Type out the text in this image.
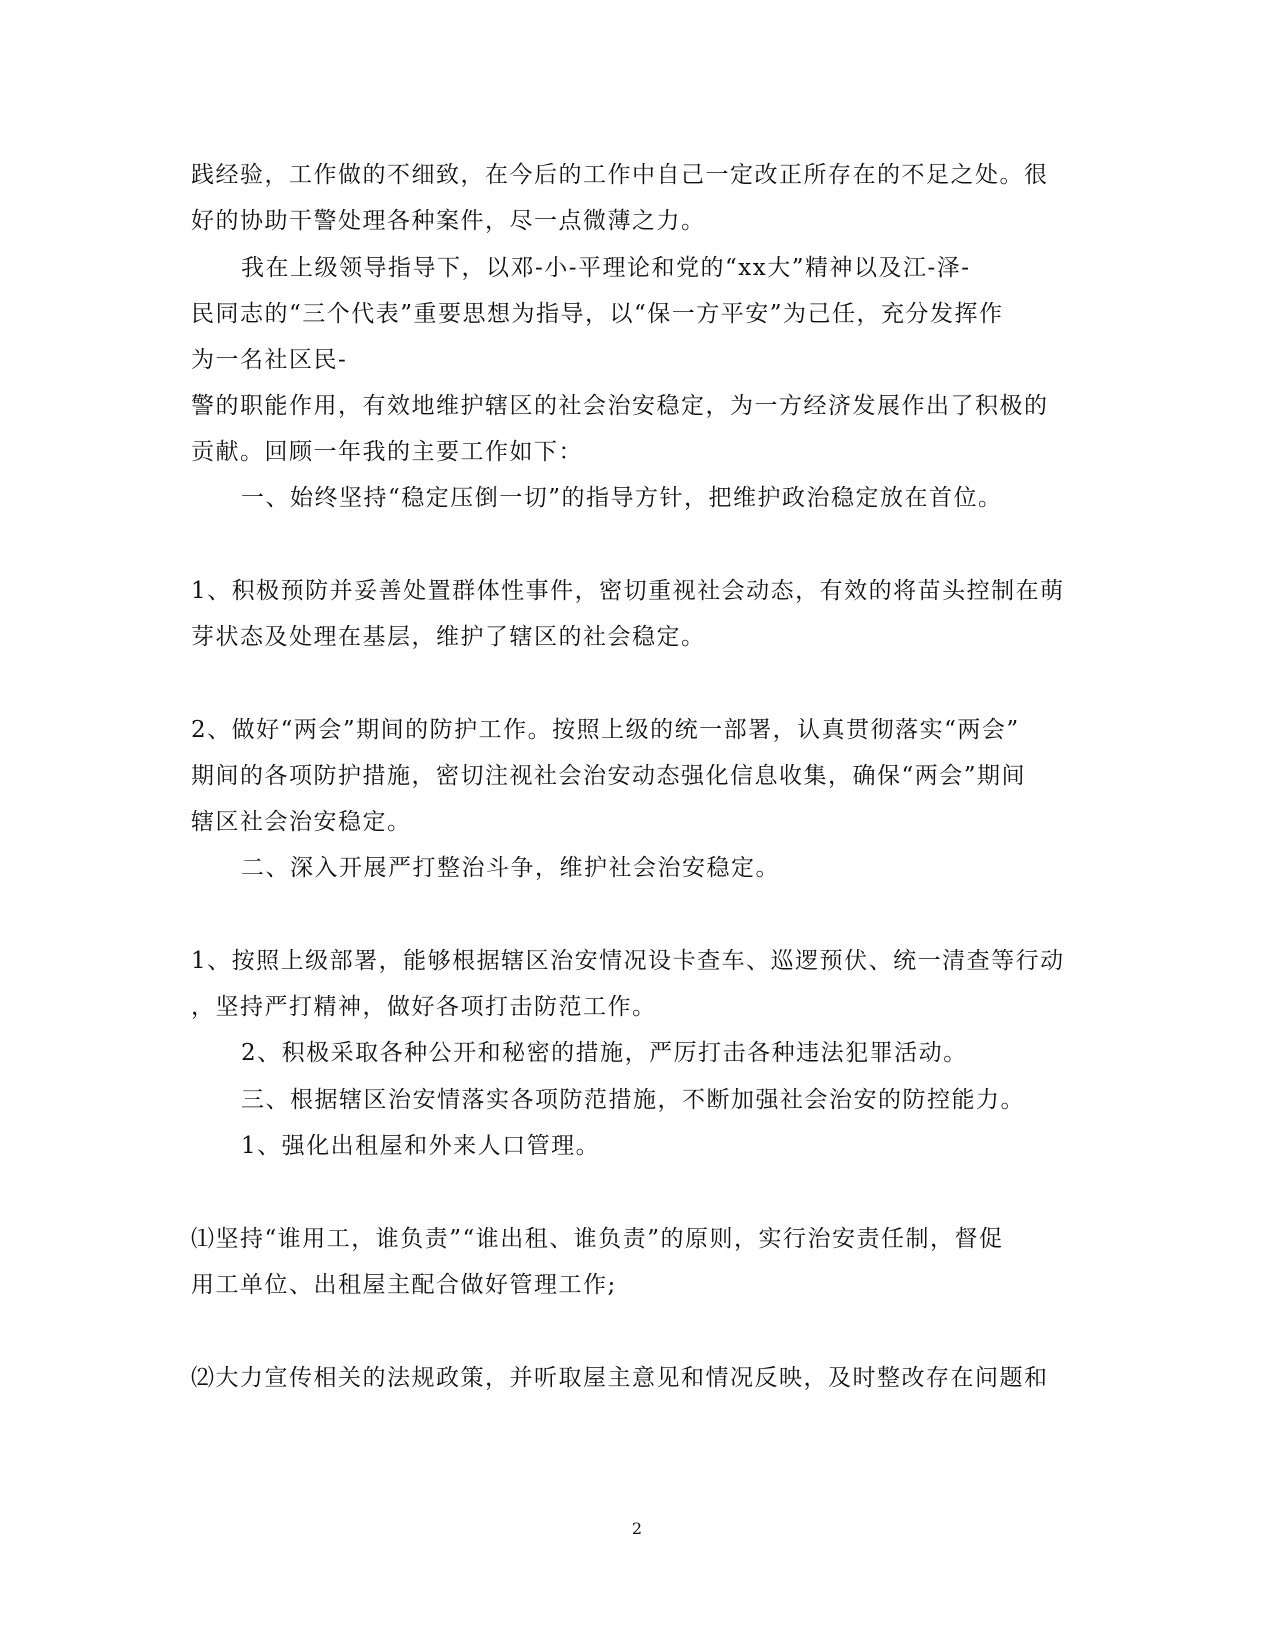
践经验，工作做的不细致，在今后的工作中自己一定改正所存在的不足之处。很

好的协助干警处理各种案件，尽一点微薄之力。

我在上级领导指导下，以邓-小-平理论和党的“xx大”精神以及江-泽-

民同志的“三个代表”重要思想为指导，以“保一方平安”为己任，充分发挥作

为一名社区民-

警的职能作用，有效地维护辖区的社会治安稳定，为一方经济发展作出了积极的

贡献。回顾一年我的主要工作如下：

一、始终坚持“稳定压倒一切”的指导方针，把维护政治稳定放在首位。

1、积极预防并妥善处置群体性事件，密切重视社会动态，有效的将苗头控制在萌

芽状态及处理在基层，维护了辖区的社会稳定。

2、做好“两会”期间的防护工作。按照上级的统一部署，认真贯彻落实“两会”

期间的各项防护措施，密切注视社会治安动态强化信息收集，确保“两会”期间

辖区社会治安稳定。

二、深入开展严打整治斗争，维护社会治安稳定。

1、按照上级部署，能够根据辖区治安情况设卡查车、巡逻预伏、统一清查等行动

，坚持严打精神，做好各项打击防范工作。

2、积极采取各种公开和秘密的措施，严厉打击各种违法犯罪活动。

三、根据辖区治安情落实各项防范措施，不断加强社会治安的防控能力。

1、强化出租屋和外来人口管理。

⑴坚持“谁用工，谁负责”“谁出租、谁负责”的原则，实行治安责任制，督促

用工单位、出租屋主配合做好管理工作;

⑵大力宣传相关的法规政策，并听取屋主意见和情况反映，及时整改存在问题和

2
